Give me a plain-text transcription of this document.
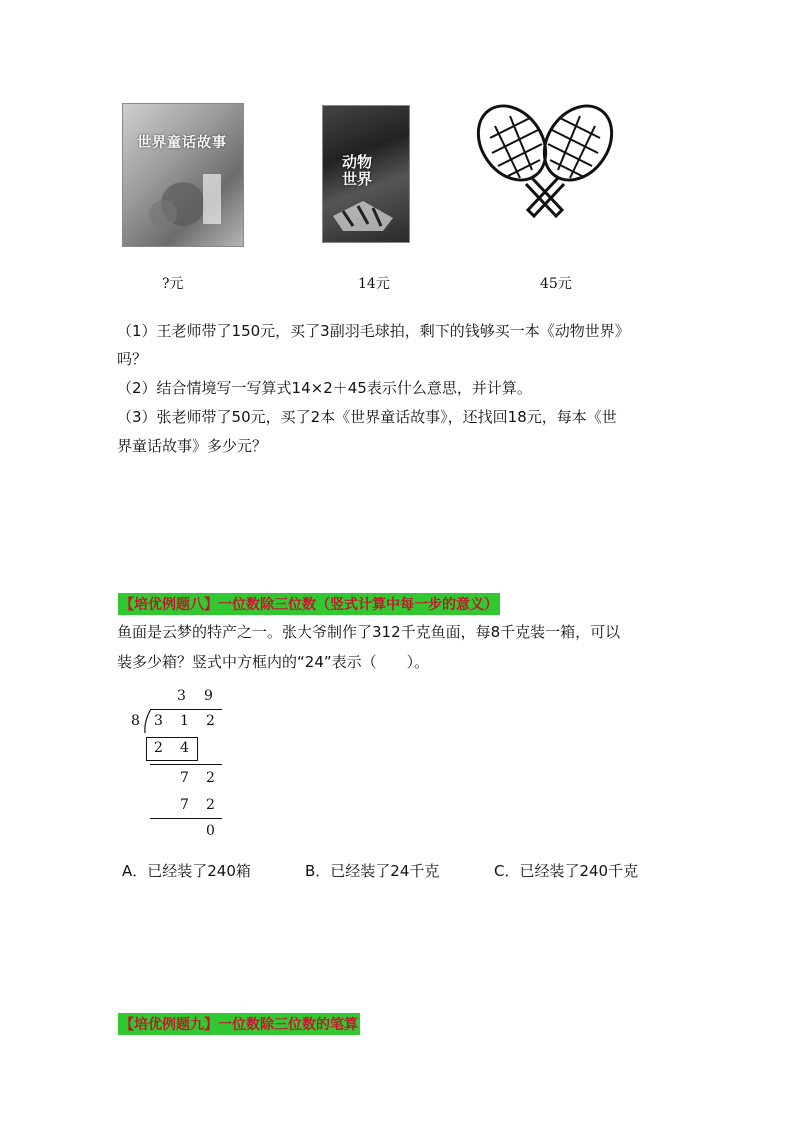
世界童话故事
动物世界
?元	14元	45元
（1）王老师带了150元，买了3副羽毛球拍，剩下的钱够买一本《动物世界》
吗？
（2）结合情境写一写算式14×2＋45表示什么意思，并计算。
（3）张老师带了50元，买了2本《世界童话故事》，还找回18元，每本《世
界童话故事》多少元？
【培优例题八】一位数除三位数（竖式计算中每一步的意义）
鱼面是云梦的特产之一。张大爷制作了312千克鱼面，每8千克装一箱，可以
装多少箱？竖式中方框内的“24”表示（　　）。
3 9
8 3 1 2
2 4
7 2
7 2
0
A．已经装了240箱	B．已经装了24千克	C．已经装了240千克
【培优例题九】一位数除三位数的笔算
